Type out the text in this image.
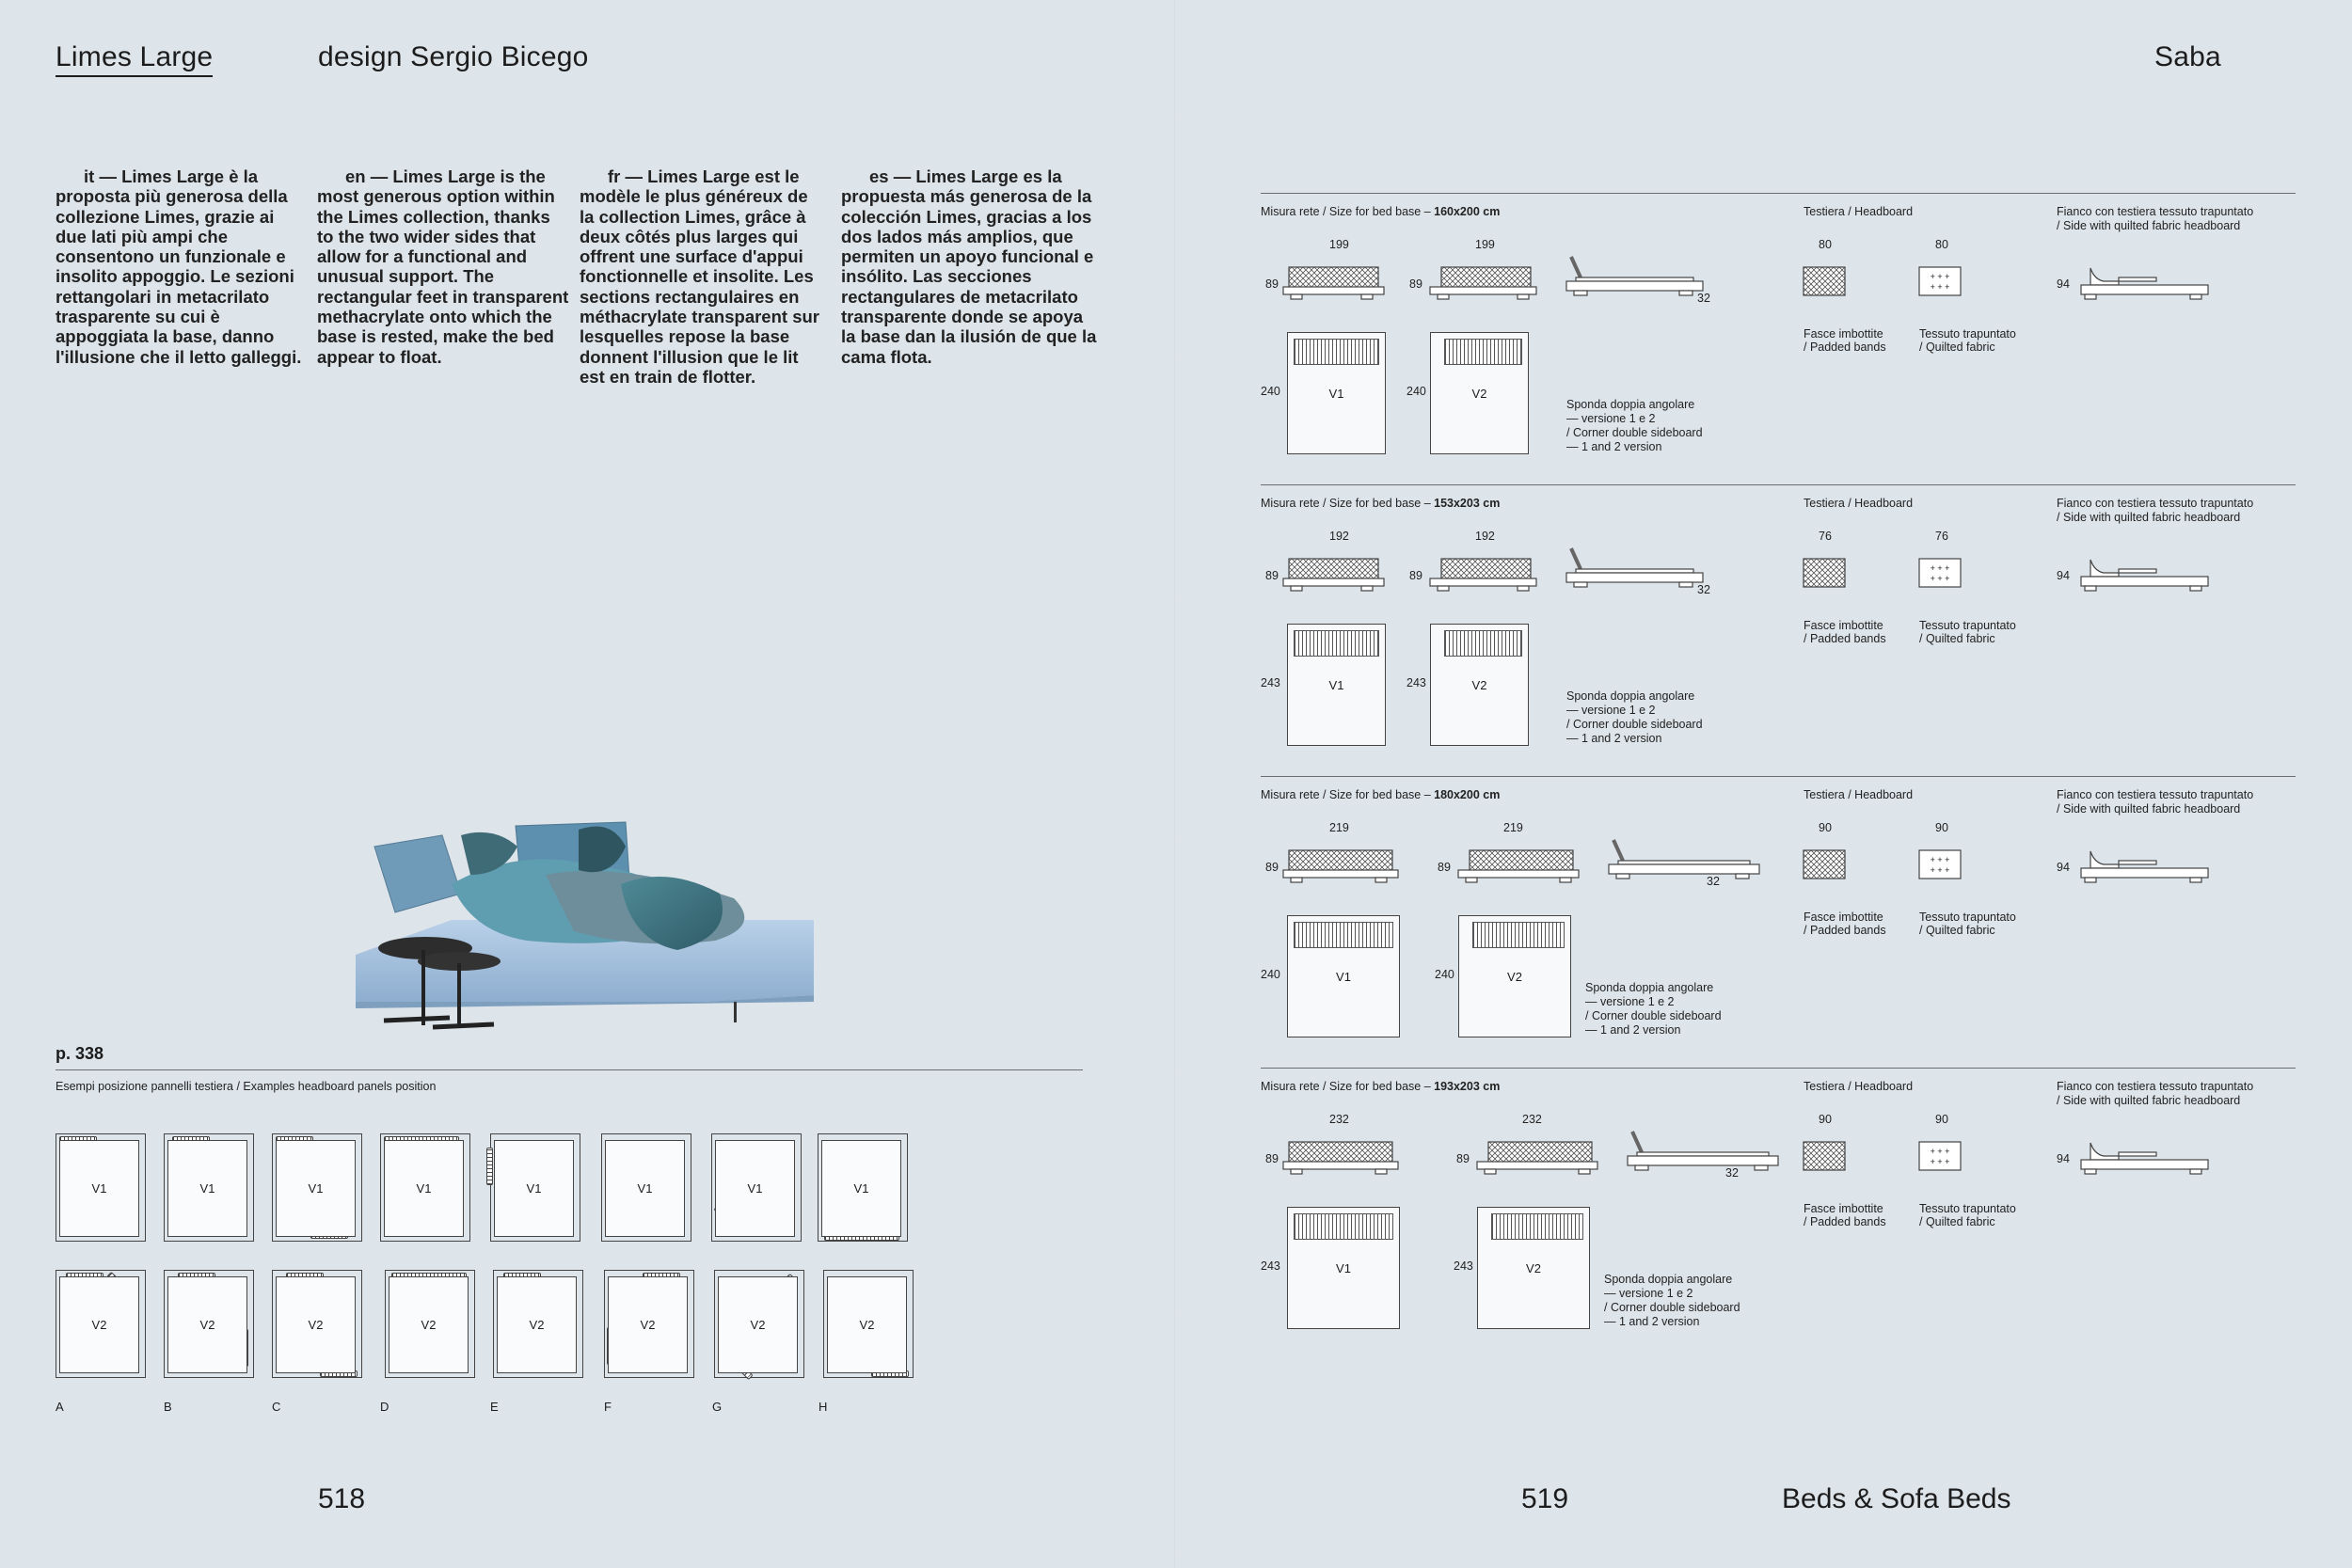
Limes Large	design Sergio Bicego
it — Limes Large è la proposta più generosa della collezione Limes, grazie ai due lati più ampi che consentono un funzionale e insolito appoggio. Le sezioni rettangolari in metacrilato trasparente su cui è appoggiata la base, danno l'illusione che il letto galleggi.
en — Limes Large is the most generous option within the Limes collection, thanks to the two wider sides that allow for a functional and unusual support. The rectangular feet in transparent methacrylate onto which the base is rested, make the bed appear to float.
fr — Limes Large est le modèle le plus généreux de la collection Limes, grâce à deux côtés plus larges qui offrent une surface d'appui fonctionnelle et insolite. Les sections rectangulaires en méthacrylate transparent sur lesquelles repose la base donnent l'illusion que le lit est en train de flotter.
es — Limes Large es la propuesta más generosa de la colección Limes, gracias a los dos lados más amplios, que permiten un apoyo funcional e insólito. Las secciones rectangulares de metacrilato transparente donde se apoya la base dan la ilusión de que la cama flota.
p. 338
Esempi posizione pannelli testiera / Examples headboard panels position
V1	V1	V1	V1	V1	V1	V1	V1
V2	V2	V2	V2	V2	V2	V2	V2
A	B	C	D	E	F	G	H
518
Saba
Misura rete / Size for bed base – 160x200 cm	Testiera / Headboard	Fianco con testiera tessuto trapuntato
/ Side with quilted fabric headboard
199	199
89	89
32
240	240
80	80
94
Fasce imbottite
/ Padded bands
Tessuto trapuntato
/ Quilted fabric
Sponda doppia angolare
— versione 1 e 2
/ Corner double sideboard
— 1 and 2 version
V1	V2
+ + +
+ + +
Misura rete / Size for bed base – 153x203 cm	Testiera / Headboard	Fianco con testiera tessuto trapuntato
/ Side with quilted fabric headboard
192	192
89	89
32
243	243
76	76
94
Fasce imbottite
/ Padded bands
Tessuto trapuntato
/ Quilted fabric
Sponda doppia angolare
— versione 1 e 2
/ Corner double sideboard
— 1 and 2 version
V1	V2
+ + +
+ + +
Misura rete / Size for bed base – 180x200 cm	Testiera / Headboard	Fianco con testiera tessuto trapuntato
/ Side with quilted fabric headboard
219	219
89	89
32
240	240
90	90
94
Fasce imbottite
/ Padded bands
Tessuto trapuntato
/ Quilted fabric
Sponda doppia angolare
— versione 1 e 2
/ Corner double sideboard
— 1 and 2 version
V1	V2
+ + +
+ + +
Misura rete / Size for bed base – 193x203 cm	Testiera / Headboard	Fianco con testiera tessuto trapuntato
/ Side with quilted fabric headboard
232	232
89	89
32
243	243
90	90
94
Fasce imbottite
/ Padded bands
Tessuto trapuntato
/ Quilted fabric
Sponda doppia angolare
— versione 1 e 2
/ Corner double sideboard
— 1 and 2 version
V1	V2
+ + +
+ + +
519	Beds & Sofa Beds
